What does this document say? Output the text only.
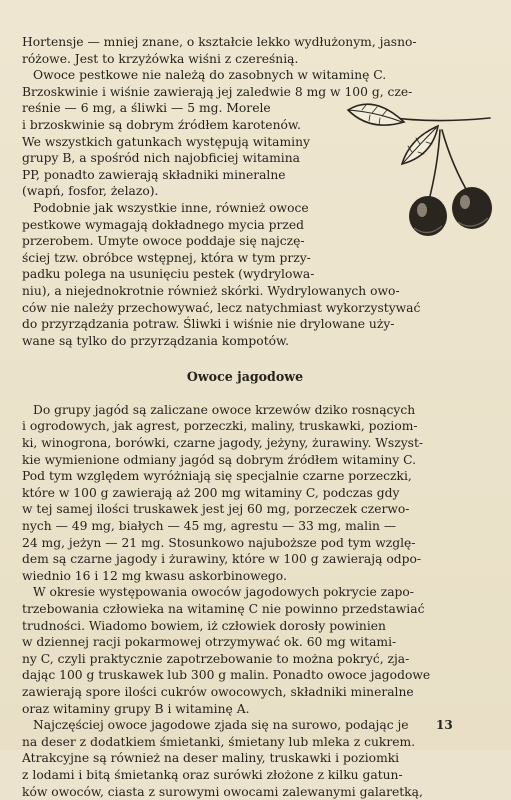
Hortensje — mniej znane, o kształcie lekko wydłużonym, jasno-
różowe. Jest to krzyżówka wiśni z czereśnią.

Owoce pestkowe nie należą do zasobnych w witaminę C.
Brzoskwinie i wiśnie zawierają jej zaledwie 8 mg w 100 g, cze-
reśnie — 6 mg, a śliwki — 5 mg. Morele
i brzoskwinie są dobrym źródłem karotenów.
We wszystkich gatunkach występują witaminy
grupy B, a spośród nich najobficiej witamina
PP, ponadto zawierają składniki mineralne
(wapń, fosfor, żelazo).

Podobnie jak wszystkie inne, również owoce
pestkowe wymagają dokładnego mycia przed
przerobem. Umyte owoce poddaje się najczę-
ściej tzw. obróbce wstępnej, która w tym przy-
padku polega na usunięciu pestek (wydrylowa-
niu), a niejednokrotnie również skórki. Wydrylowanych owo-
ców nie należy przechowywać, lecz natychmiast wykorzystywać
do przyrządzania potraw. Śliwki i wiśnie nie drylowane uży-
wane są tylko do przyrządzania kompotów.

Owoce jagodowe

Do grupy jagód są zaliczane owoce krzewów dziko rosnących
i ogrodowych, jak agrest, porzeczki, maliny, truskawki, poziom-
ki, winogrona, borówki, czarne jagody, jeżyny, żurawiny. Wszyst-
kie wymienione odmiany jagód są dobrym źródłem witaminy C.
Pod tym względem wyróżniają się specjalnie czarne porzeczki,
które w 100 g zawierają aż 200 mg witaminy C, podczas gdy
w tej samej ilości truskawek jest jej 60 mg, porzeczek czerwo-
nych — 49 mg, białych — 45 mg, agrestu — 33 mg, malin —
24 mg, jeżyn — 21 mg. Stosunkowo najuboższe pod tym wzglę-
dem są czarne jagody i żurawiny, które w 100 g zawierają odpo-
wiednio 16 i 12 mg kwasu askorbinowego.

W okresie występowania owoców jagodowych pokrycie zapo-
trzebowania człowieka na witaminę C nie powinno przedstawiać
trudności. Wiadomo bowiem, iż człowiek dorosły powinien
w dziennej racji pokarmowej otrzymywać ok. 60 mg witami-
ny C, czyli praktycznie zapotrzebowanie to można pokryć, zja-
dając 100 g truskawek lub 300 g malin. Ponadto owoce jagodowe
zawierają spore ilości cukrów owocowych, składniki mineralne
oraz witaminy grupy B i witaminę A.

Najczęściej owoce jagodowe zjada się na surowo, podając je
na deser z dodatkiem śmietanki, śmietany lub mleka z cukrem.
Atrakcyjne są również na deser maliny, truskawki i poziomki
z lodami i bitą śmietanką oraz surówki złożone z kilku gatun-
ków owoców, ciasta z surowymi owocami zalewanymi galaretką,

13
